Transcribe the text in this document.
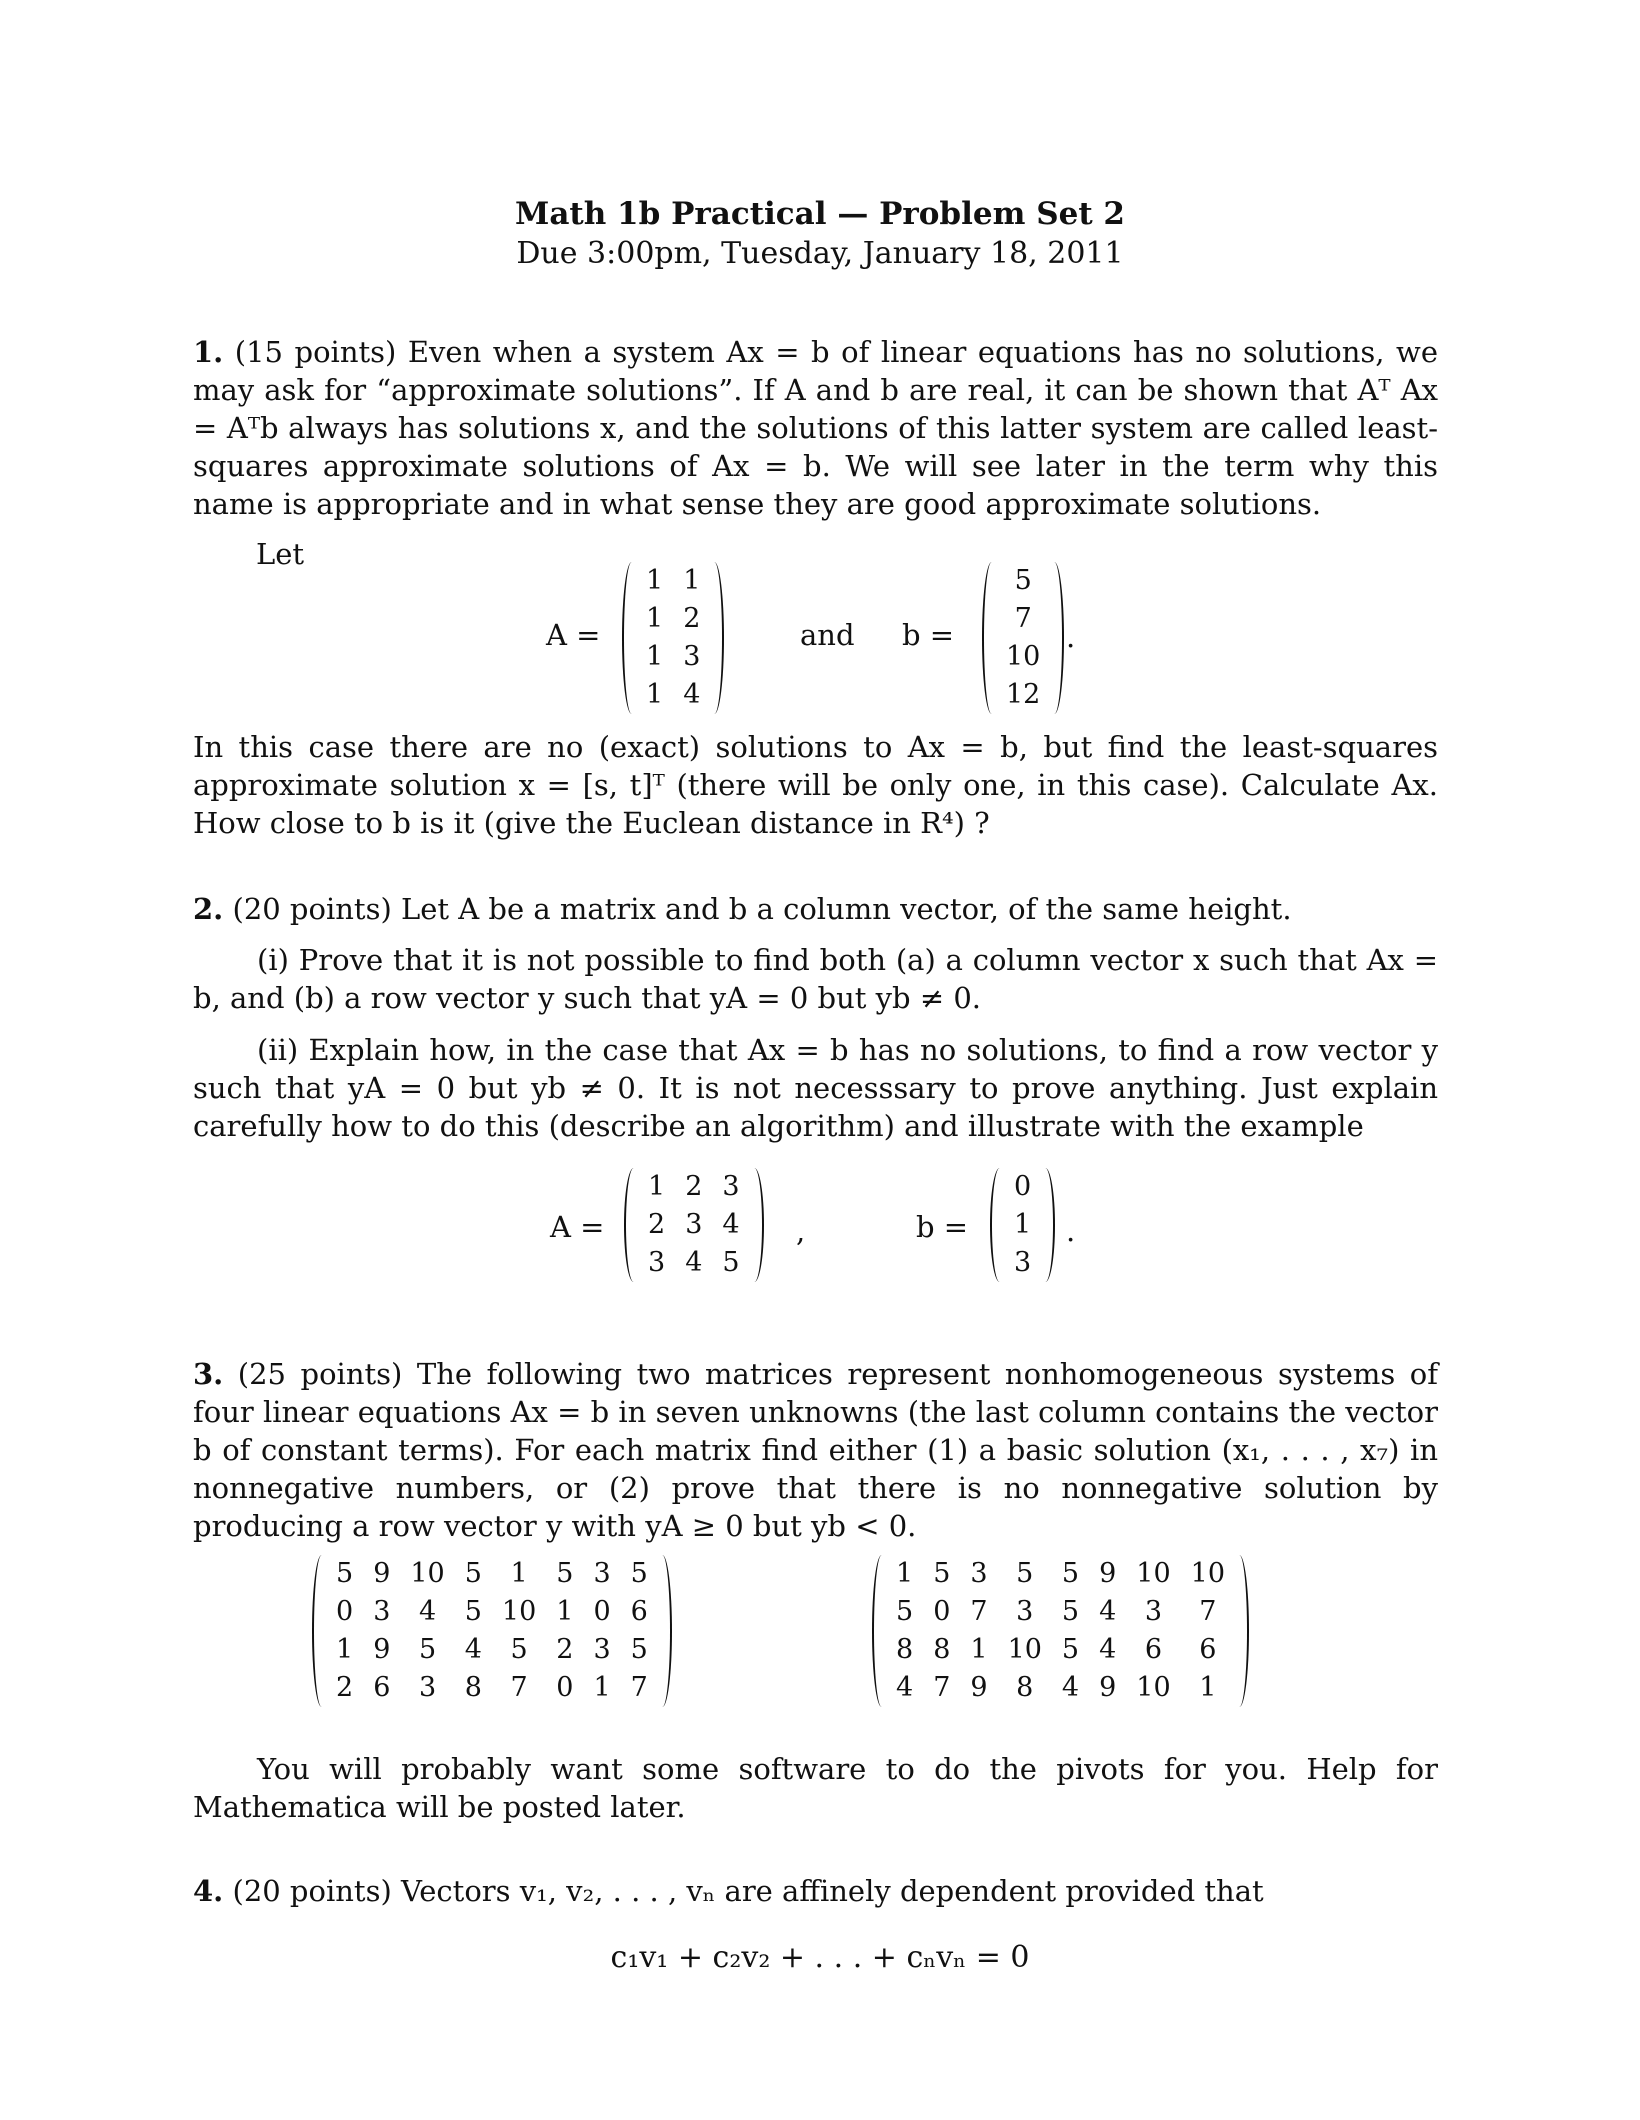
Math 1b Practical — Problem Set 2
Due 3:00pm, Tuesday, January 18, 2011
1. (15 points) Even when a system Ax = b of linear equations has no solutions, we may ask for “approximate solutions”. If A and b are real, it can be shown that Aᵀ Ax = Aᵀb always has solutions x, and the solutions of this latter system are called least-squares approximate solutions of Ax = b. We will see later in the term why this name is appropriate and in what sense they are good approximate solutions.
Let
A =
1	1
1	2
1	3
1	4
and b =
5
7
10
12
.
In this case there are no (exact) solutions to Ax = b, but find the least-squares approximate solution x = [s, t]ᵀ (there will be only one, in this case). Calculate Ax. How close to b is it (give the Euclean distance in R⁴) ?
2. (20 points) Let A be a matrix and b a column vector, of the same height.
(i) Prove that it is not possible to find both (a) a column vector x such that Ax = b, and (b) a row vector y such that yA = 0 but yb ≠ 0.
(ii) Explain how, in the case that Ax = b has no solutions, to find a row vector y such that yA = 0 but yb ≠ 0. It is not necesssary to prove anything. Just explain carefully how to do this (describe an algorithm) and illustrate with the example
A =
1	2	3
2	3	4
3	4	5
,	b =
0
1
3
.
3. (25 points) The following two matrices represent nonhomogeneous systems of four linear equations Ax = b in seven unknowns (the last column contains the vector b of constant terms). For each matrix find either (1) a basic solution (x₁, . . . , x₇) in nonnegative numbers, or (2) prove that there is no nonnegative solution by producing a row vector y with yA ≥ 0 but yb < 0.
5	9	10	5	1	5	3	5
0	3	4	5	10	1	0	6
1	9	5	4	5	2	3	5
2	6	3	8	7	0	1	7
1	5	3	5	5	9	10	10
5	0	7	3	5	4	3	7
8	8	1	10	5	4	6	6
4	7	9	8	4	9	10	1
You will probably want some software to do the pivots for you. Help for Mathematica will be posted later.
4. (20 points) Vectors v₁, v₂, . . . , vₙ are affinely dependent provided that
c₁v₁ + c₂v₂ + . . . + cₙvₙ = 0
